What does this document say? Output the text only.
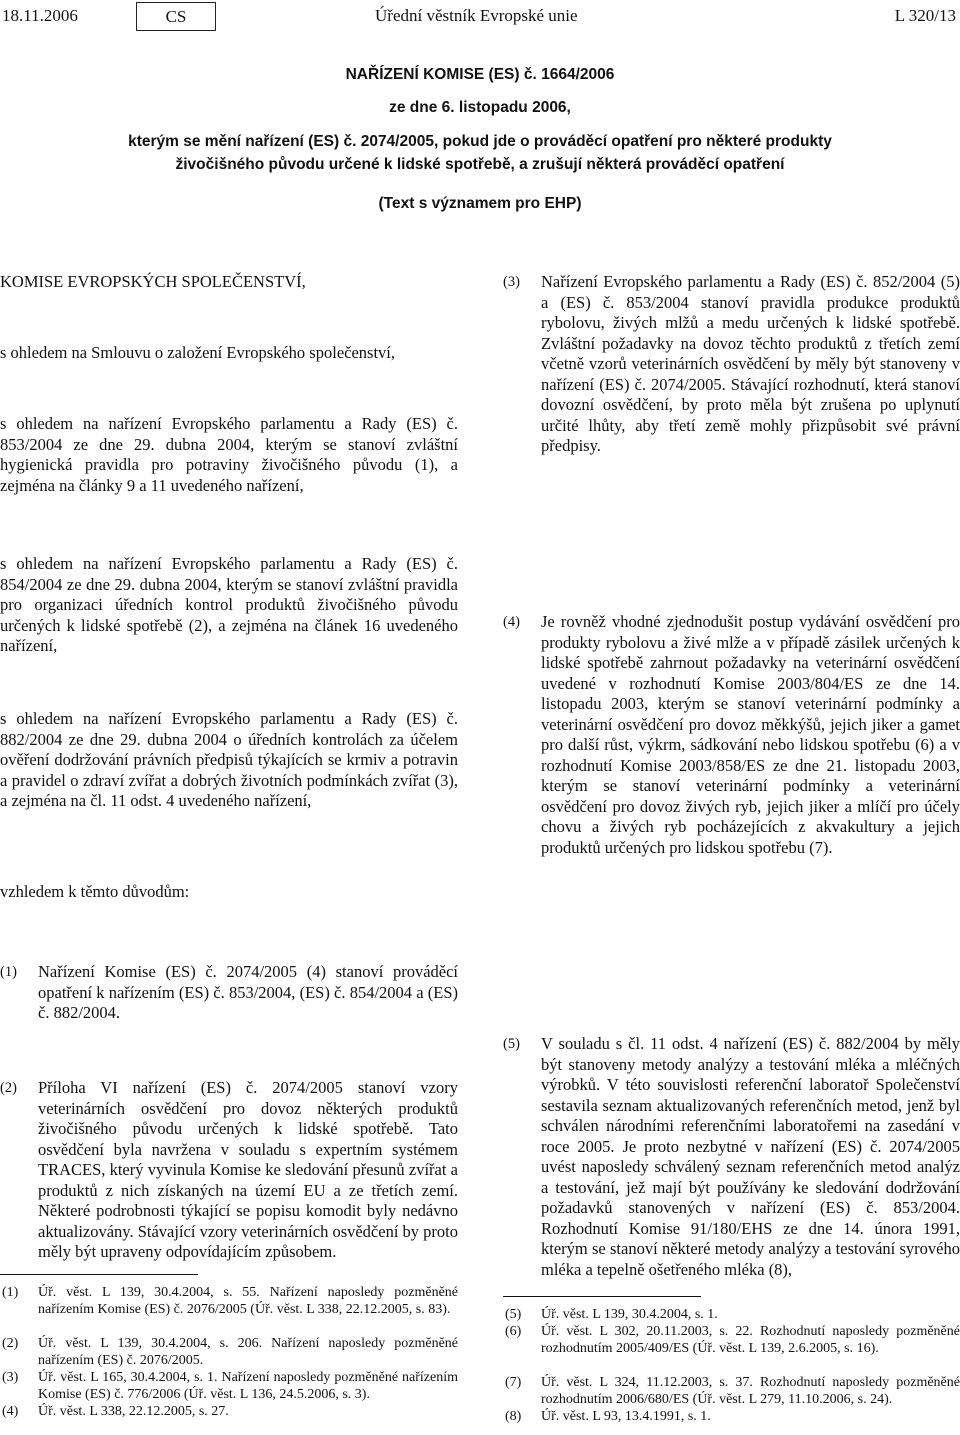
18.11.2006	CS	Úřední věstník Evropské unie	L 320/13
NAŘÍZENÍ KOMISE (ES) č. 1664/2006
ze dne 6. listopadu 2006,
kterým se mění nařízení (ES) č. 2074/2005, pokud jde o prováděcí opatření pro některé produkty
živočišného původu určené k lidské spotřebě, a zrušují některá prováděcí opatření
(Text s významem pro EHP)
KOMISE EVROPSKÝCH SPOLEČENSTVÍ,
s ohledem na Smlouvu o založení Evropského společenství,
s ohledem na nařízení Evropského parlamentu a Rady (ES) č. 853/2004 ze dne 29. dubna 2004, kterým se stanoví zvláštní hygienická pravidla pro potraviny živočišného původu (1), a zejména na články 9 a 11 uvedeného nařízení,
s ohledem na nařízení Evropského parlamentu a Rady (ES) č. 854/2004 ze dne 29. dubna 2004, kterým se stanoví zvláštní pravidla pro organizaci úředních kontrol produktů živočišného původu určených k lidské spotřebě (2), a zejména na článek 16 uvedeného nařízení,
s ohledem na nařízení Evropského parlamentu a Rady (ES) č. 882/2004 ze dne 29. dubna 2004 o úředních kontrolách za účelem ověření dodržování právních předpisů týkajících se krmiv a potravin a pravidel o zdraví zvířat a dobrých životních podmínkách zvířat (3), a zejména na čl. 11 odst. 4 uvedeného nařízení,
vzhledem k těmto důvodům:
(1) Nařízení Komise (ES) č. 2074/2005 (4) stanoví prováděcí opatření k nařízením (ES) č. 853/2004, (ES) č. 854/2004 a (ES) č. 882/2004.
(2) Příloha VI nařízení (ES) č. 2074/2005 stanoví vzory veterinárních osvědčení pro dovoz některých produktů živočišného původu určených k lidské spotřebě. Tato osvědčení byla navržena v souladu s expertním systémem TRACES, který vyvinula Komise ke sledování přesunů zvířat a produktů z nich získaných na území EU a ze třetích zemí. Některé podrobnosti týkající se popisu komodit byly nedávno aktualizovány. Stávající vzory veterinárních osvědčení by proto měly být upraveny odpovídajícím způsobem.
(1) Úř. věst. L 139, 30.4.2004, s. 55. Nařízení naposledy pozměněné nařízením Komise (ES) č. 2076/2005 (Úř. věst. L 338, 22.12.2005, s. 83).
(2) Úř. věst. L 139, 30.4.2004, s. 206. Nařízení naposledy pozměněné nařízením (ES) č. 2076/2005.
(3) Úř. věst. L 165, 30.4.2004, s. 1. Nařízení naposledy pozměněné nařízením Komise (ES) č. 776/2006 (Úř. věst. L 136, 24.5.2006, s. 3).
(4) Úř. věst. L 338, 22.12.2005, s. 27.
(3) Nařízení Evropského parlamentu a Rady (ES) č. 852/2004 (5) a (ES) č. 853/2004 stanoví pravidla produkce produktů rybolovu, živých mlžů a medu určených k lidské spotřebě. Zvláštní požadavky na dovoz těchto produktů z třetích zemí včetně vzorů veterinárních osvědčení by měly být stanoveny v nařízení (ES) č. 2074/2005. Stávající rozhodnutí, která stanoví dovozní osvědčení, by proto měla být zrušena po uplynutí určité lhůty, aby třetí země mohly přizpůsobit své právní předpisy.
(4) Je rovněž vhodné zjednodušit postup vydávání osvědčení pro produkty rybolovu a živé mlže a v případě zásilek určených k lidské spotřebě zahrnout požadavky na veterinární osvědčení uvedené v rozhodnutí Komise 2003/804/ES ze dne 14. listopadu 2003, kterým se stanoví veterinární podmínky a veterinární osvědčení pro dovoz měkkýšů, jejich jiker a gamet pro další růst, výkrm, sádkování nebo lidskou spotřebu (6) a v rozhodnutí Komise 2003/858/ES ze dne 21. listopadu 2003, kterým se stanoví veterinární podmínky a veterinární osvědčení pro dovoz živých ryb, jejich jiker a mlíčí pro účely chovu a živých ryb pocházejících z akvakultury a jejich produktů určených pro lidskou spotřebu (7).
(5) V souladu s čl. 11 odst. 4 nařízení (ES) č. 882/2004 by měly být stanoveny metody analýzy a testování mléka a mléčných výrobků. V této souvislosti referenční laboratoř Společenství sestavila seznam aktualizovaných referenčních metod, jenž byl schválen národními referenčními laboratořemi na zasedání v roce 2005. Je proto nezbytné v nařízení (ES) č. 2074/2005 uvést naposledy schválený seznam referenčních metod analýz a testování, jež mají být používány ke sledování dodržování požadavků stanovených v nařízení (ES) č. 853/2004. Rozhodnutí Komise 91/180/EHS ze dne 14. února 1991, kterým se stanoví některé metody analýzy a testování syrového mléka a tepelně ošetřeného mléka (8),
(5) Úř. věst. L 139, 30.4.2004, s. 1.
(6) Úř. věst. L 302, 20.11.2003, s. 22. Rozhodnutí naposledy pozměněné rozhodnutím 2005/409/ES (Úř. věst. L 139, 2.6.2005, s. 16).
(7) Úř. věst. L 324, 11.12.2003, s. 37. Rozhodnutí naposledy pozměněné rozhodnutím 2006/680/ES (Úř. věst. L 279, 11.10.2006, s. 24).
(8) Úř. věst. L 93, 13.4.1991, s. 1.
